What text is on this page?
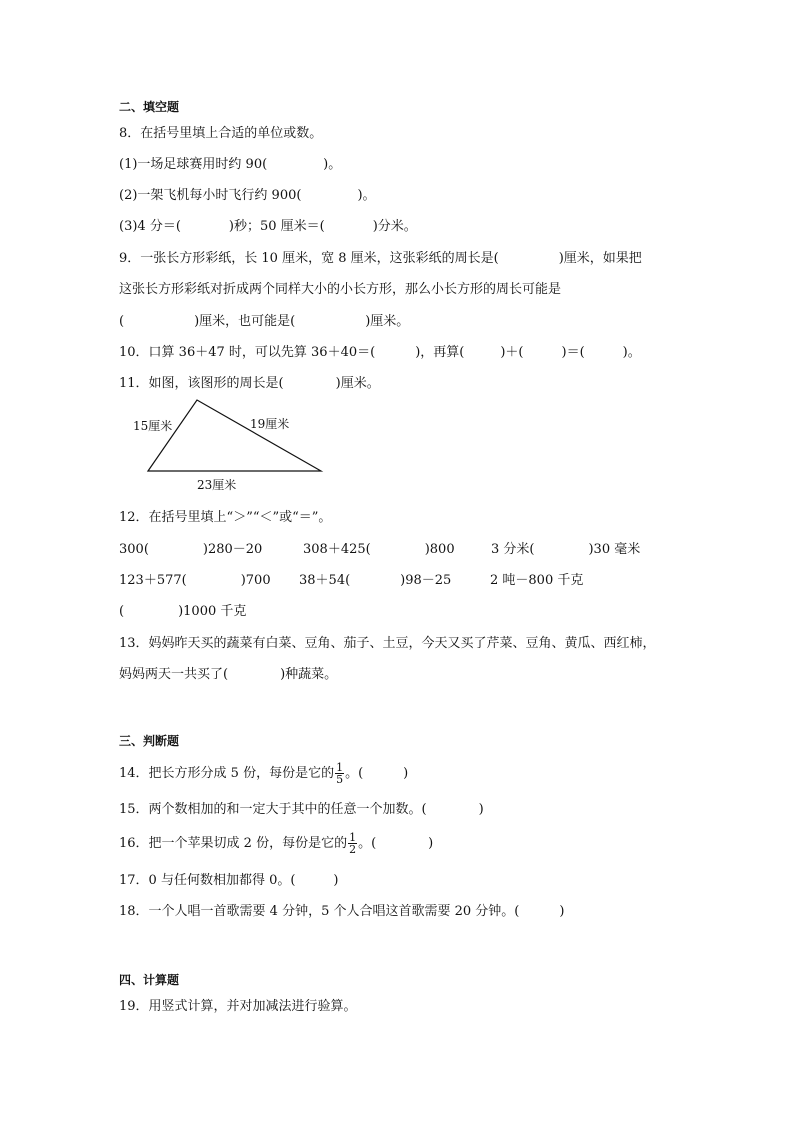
二、填空题
8．在括号里填上合适的单位或数。
(1)一场足球赛用时约 90(	)。
(2)一架飞机每小时飞行约 900(	)。
(3)4 分＝(	)秒；50 厘米＝(	)分米。
9．一张长方形彩纸，长 10 厘米，宽 8 厘米，这张彩纸的周长是(	)厘米，如果把
这张长方形彩纸对折成两个同样大小的小长方形，那么小长方形的周长可能是
(	)厘米，也可能是(	)厘米。
10．口算 36＋47 时，可以先算 36＋40＝(	)，再算(	)＋(	)＝(	)。
11．如图，该图形的周长是(	)厘米。
15厘米	19厘米
23厘米
12．在括号里填上“＞”“＜”或“＝”。
300(	)280－20	308＋425(	)800	3 分米(	)30 毫米
123＋577(	)700 38＋54(	)98－25	2 吨－800 千克
(	)1000 千克
13．妈妈昨天买的蔬菜有白菜、豆角、茄子、土豆，今天又买了芹菜、豆角、黄瓜、西红柿，
妈妈两天一共买了(	)种蔬菜。
三、判断题
14．把长方形分成 5 份，每份是它的 $\frac{1}{5}$ 。(	)
15．两个数相加的和一定大于其中的任意一个加数。(	)
16．把一个苹果切成 2 份，每份是它的 $\frac{1}{2}$ 。(	)
17．0 与任何数相加都得 0。(	)
18．一个人唱一首歌需要 4 分钟，5 个人合唱这首歌需要 20 分钟。(	)
四、计算题
19．用竖式计算，并对加减法进行验算。
